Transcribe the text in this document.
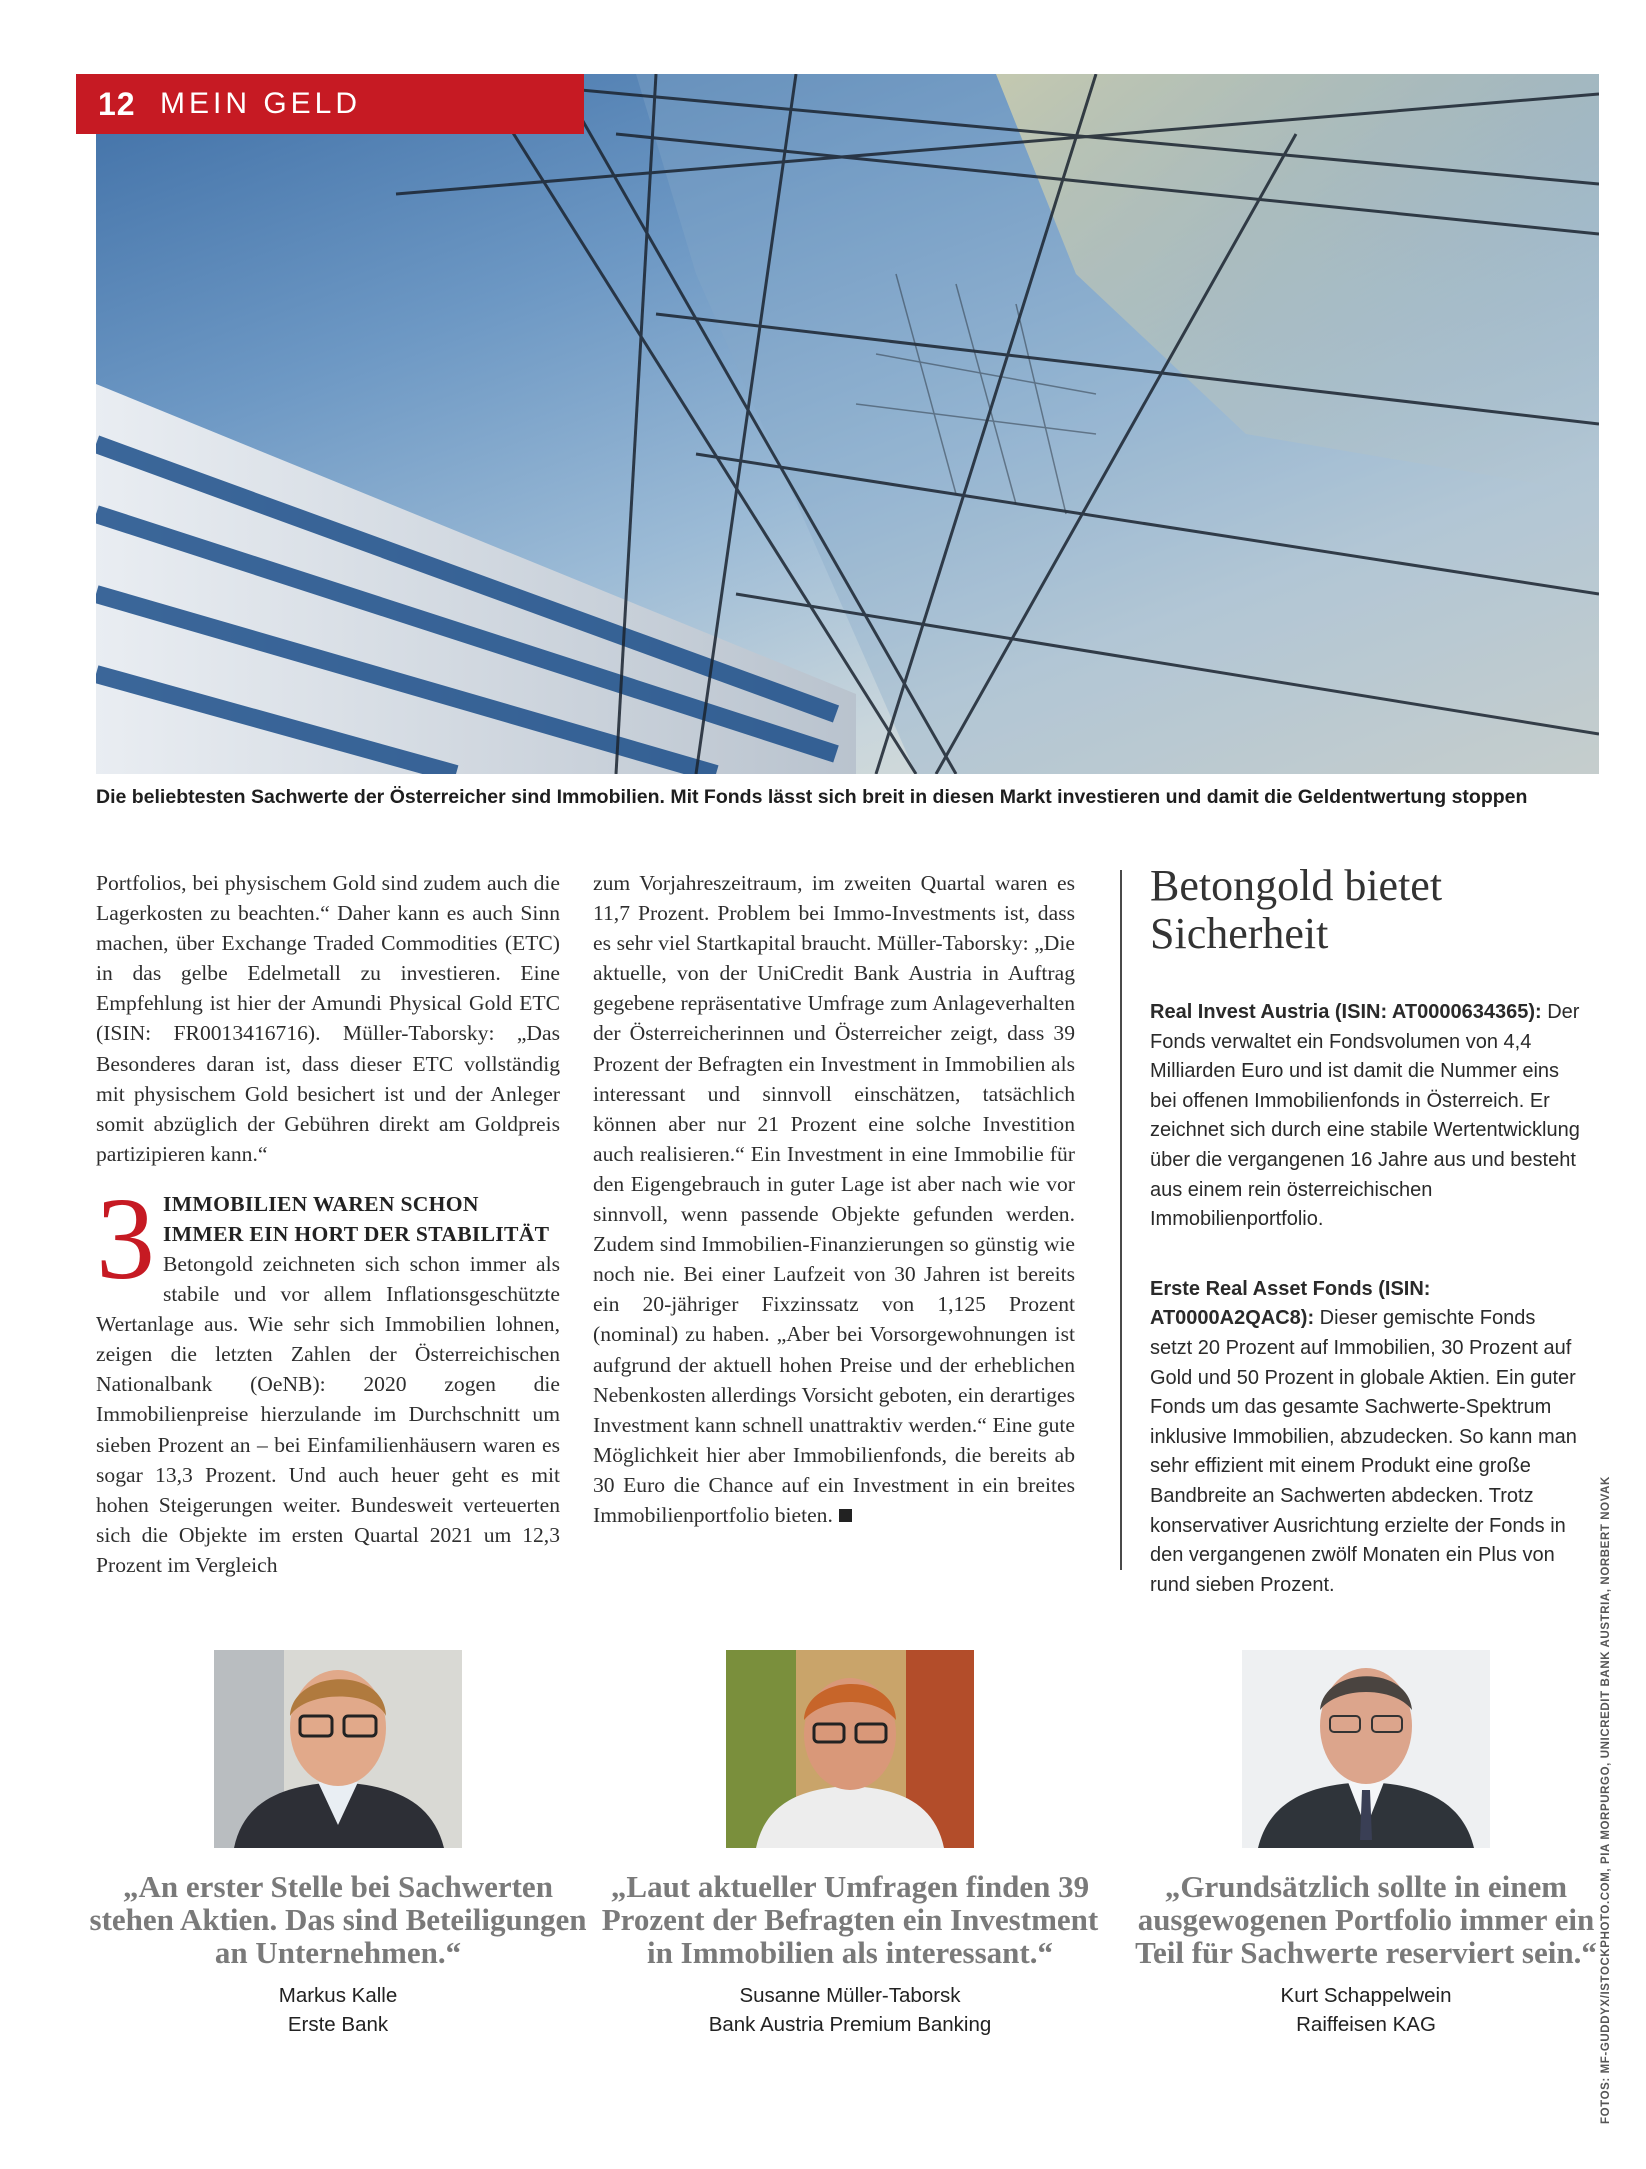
12 MEIN GELD
Die beliebtesten Sachwerte der Österreicher sind Immobilien. Mit Fonds lässt sich breit in diesen Markt investieren und damit die Geldentwertung stoppen

Portfolios, bei physischem Gold sind zudem auch die Lagerkosten zu beachten.“ Daher kann es auch Sinn machen, über Exchange Traded Commodities (ETC) in das gelbe Edelmetall zu investieren. Eine Empfehlung ist hier der Amundi Physical Gold ETC (ISIN: FR0013416716). Müller-Taborsky: „Das Besonderes daran ist, dass dieser ETC vollständig mit physischem Gold besichert ist und der Anleger somit abzüglich der Gebühren direkt am Goldpreis partizipieren kann.“

3 IMMOBILIEN WAREN SCHON IMMER EIN HORT DER STABILITÄT

Betongold zeichneten sich schon immer als stabile und vor allem Inflationsgeschützte Wertanlage aus. Wie sehr sich Immobilien lohnen, zeigen die letzten Zahlen der Österreichischen Nationalbank (OeNB): 2020 zogen die Immobilienpreise hierzulande im Durchschnitt um sieben Prozent an – bei Einfamilienhäusern waren es sogar 13,3 Prozent. Und auch heuer geht es mit hohen Steigerungen weiter. Bundesweit verteuerten sich die Objekte im ersten Quartal 2021 um 12,3 Prozent im Vergleich

zum Vorjahreszeitraum, im zweiten Quartal waren es 11,7 Prozent. Problem bei Immo-Investments ist, dass es sehr viel Startkapital braucht. Müller-Taborsky: „Die aktuelle, von der UniCredit Bank Austria in Auftrag gegebene repräsentative Umfrage zum Anlageverhalten der Österreicherinnen und Österreicher zeigt, dass 39 Prozent der Befragten ein Investment in Immobilien als interessant und sinnvoll einschätzen, tatsächlich können aber nur 21 Prozent eine solche Investition auch realisieren.“ Ein Investment in eine Immobilie für den Eigengebrauch in guter Lage ist aber nach wie vor sinnvoll, wenn passende Objekte gefunden werden. Zudem sind Immobilien-Finanzierungen so günstig wie noch nie. Bei einer Laufzeit von 30 Jahren ist bereits ein 20-jähriger Fixzinssatz von 1,125 Prozent (nominal) zu haben. „Aber bei Vorsorgewohnungen ist aufgrund der aktuell hohen Preise und der erheblichen Nebenkosten allerdings Vorsicht geboten, ein derartiges Investment kann schnell unattraktiv werden.“ Eine gute Möglichkeit hier aber Immobilienfonds, die bereits ab 30 Euro die Chance auf ein Investment in ein breites Immobilienportfolio bieten.

Betongold bietet Sicherheit
Real Invest Austria (ISIN: AT0000634365): Der Fonds verwaltet ein Fondsvolumen von 4,4 Milliarden Euro und ist damit die Nummer eins bei offenen Immobilienfonds in Österreich. Er zeichnet sich durch eine stabile Wertentwicklung über die vergangenen 16 Jahre aus und besteht aus einem rein österreichischen Immobilienportfolio.
Erste Real Asset Fonds (ISIN: AT0000A2QAC8): Dieser gemischte Fonds setzt 20 Prozent auf Immobilien, 30 Prozent auf Gold und 50 Prozent in globale Aktien. Ein guter Fonds um das gesamte Sachwerte-Spektrum inklusive Immobilien, abzudecken. So kann man sehr effizient mit einem Produkt eine große Bandbreite an Sachwerten abdecken. Trotz konservativer Ausrichtung erzielte der Fonds in den vergangenen zwölf Monaten ein Plus von rund sieben Prozent.	FOTOS: MF-GUDDYX/ISTOCKPHOTO.COM, PIA MORPURGO, UNICREDIT BANK AUSTRIA, NORBERT NOVAK
„An erster Stelle bei Sachwerten stehen Aktien. Das sind Beteiligungen an Unternehmen.“
Markus Kalle
Erste Bank
„Laut aktueller Umfragen finden 39 Prozent der Befragten ein Investment in Immobilien als interessant.“
Susanne Müller-Taborsk
Bank Austria Premium Banking
„Grundsätzlich sollte in einem ausgewogenen Portfolio immer ein Teil für Sachwerte reserviert sein.“
Kurt Schappelwein
Raiffeisen KAG
